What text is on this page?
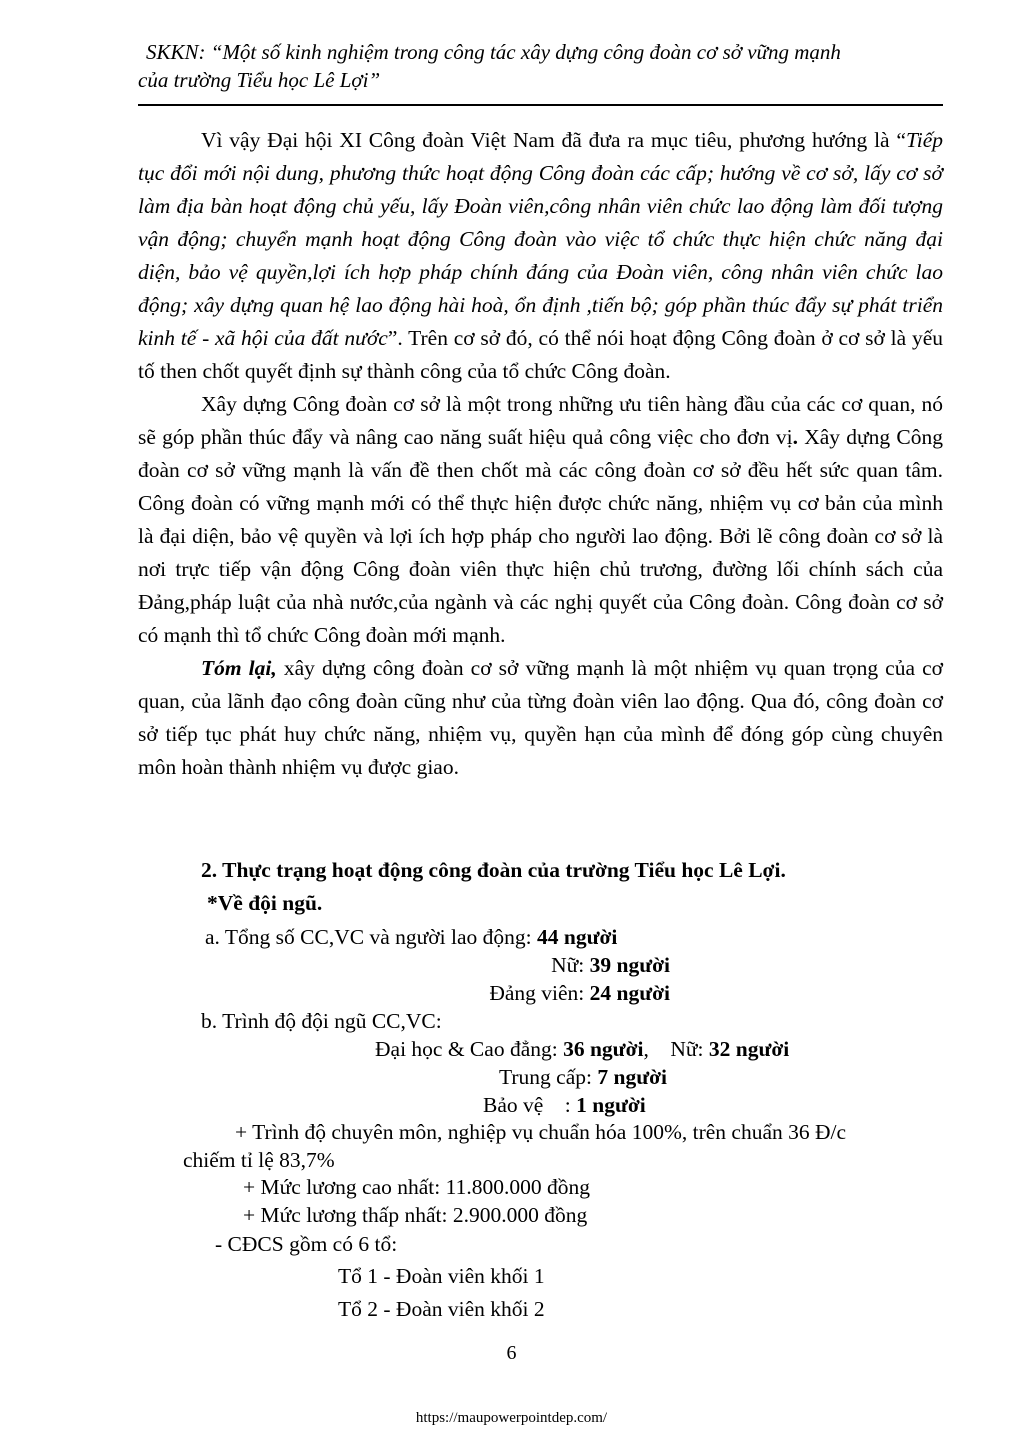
SKKN: “Một số kinh nghiệm trong công tác xây dựng công đoàn cơ sở vững mạnh
của trường Tiểu học Lê Lợi”

Vì vậy Đại hội XI Công đoàn Việt Nam đã đưa ra mục tiêu, phương hướng là “Tiếp tục đổi mới nội dung, phương thức hoạt động Công đoàn các cấp; hướng về cơ sở, lấy cơ sở làm địa bàn hoạt động chủ yếu, lấy Đoàn viên,công nhân viên chức lao động làm đối tượng vận động; chuyển mạnh hoạt động Công đoàn vào việc tổ chức thực hiện chức năng đại diện, bảo vệ quyền,lợi ích hợp pháp chính đáng của Đoàn viên, công nhân viên chức lao động; xây dựng quan hệ lao động hài hoà, ổn định ,tiến bộ; góp phần thúc đẩy sự phát triển kinh tế - xã hội của đất nước”. Trên cơ sở đó, có thể nói hoạt động Công đoàn ở cơ sở là yếu tố then chốt quyết định sự thành công của tổ chức Công đoàn.

Xây dựng Công đoàn cơ sở là một trong những ưu tiên hàng đầu của các cơ quan, nó sẽ góp phần thúc đẩy và nâng cao năng suất hiệu quả công việc cho đơn vị. Xây dựng Công đoàn cơ sở vững mạnh là vấn đề then chốt mà các công đoàn cơ sở đều hết sức quan tâm. Công đoàn có vững mạnh mới có thể thực hiện được chức năng, nhiệm vụ cơ bản của mình là đại diện, bảo vệ quyền và lợi ích hợp pháp cho người lao động. Bởi lẽ công đoàn cơ sở là nơi trực tiếp vận động Công đoàn viên thực hiện chủ trương, đường lối chính sách của Đảng,pháp luật của nhà nước,của ngành và các nghị quyết của Công đoàn. Công đoàn cơ sở có mạnh thì tổ chức Công đoàn mới mạnh.

Tóm lại, xây dựng công đoàn cơ sở vững mạnh là một nhiệm vụ quan trọng của cơ quan, của lãnh đạo công đoàn cũng như của từng đoàn viên lao động. Qua đó, công đoàn cơ sở tiếp tục phát huy chức năng, nhiệm vụ, quyền hạn của mình để đóng góp cùng chuyên môn hoàn thành nhiệm vụ được giao.

2. Thực trạng hoạt động công đoàn của trường Tiểu học Lê Lợi.
*Về đội ngũ.
a. Tổng số CC,VC và người lao động: 44 người
Nữ: 39 người
Đảng viên: 24 người
b. Trình độ đội ngũ CC,VC:
Đại học & Cao đẳng: 36 người,    Nữ: 32 người
Trung cấp: 7 người
Bảo vệ    : 1 người
+ Trình độ chuyên môn, nghiệp vụ chuẩn hóa 100%, trên chuẩn 36 Đ/c
chiếm tỉ lệ 83,7%
+ Mức lương cao nhất: 11.800.000 đồng
+ Mức lương thấp nhất: 2.900.000 đồng
- CĐCS gồm có 6 tổ:
Tổ 1 - Đoàn viên khối 1
Tổ 2 - Đoàn viên khối 2
6
https://maupowerpointdep.com/
